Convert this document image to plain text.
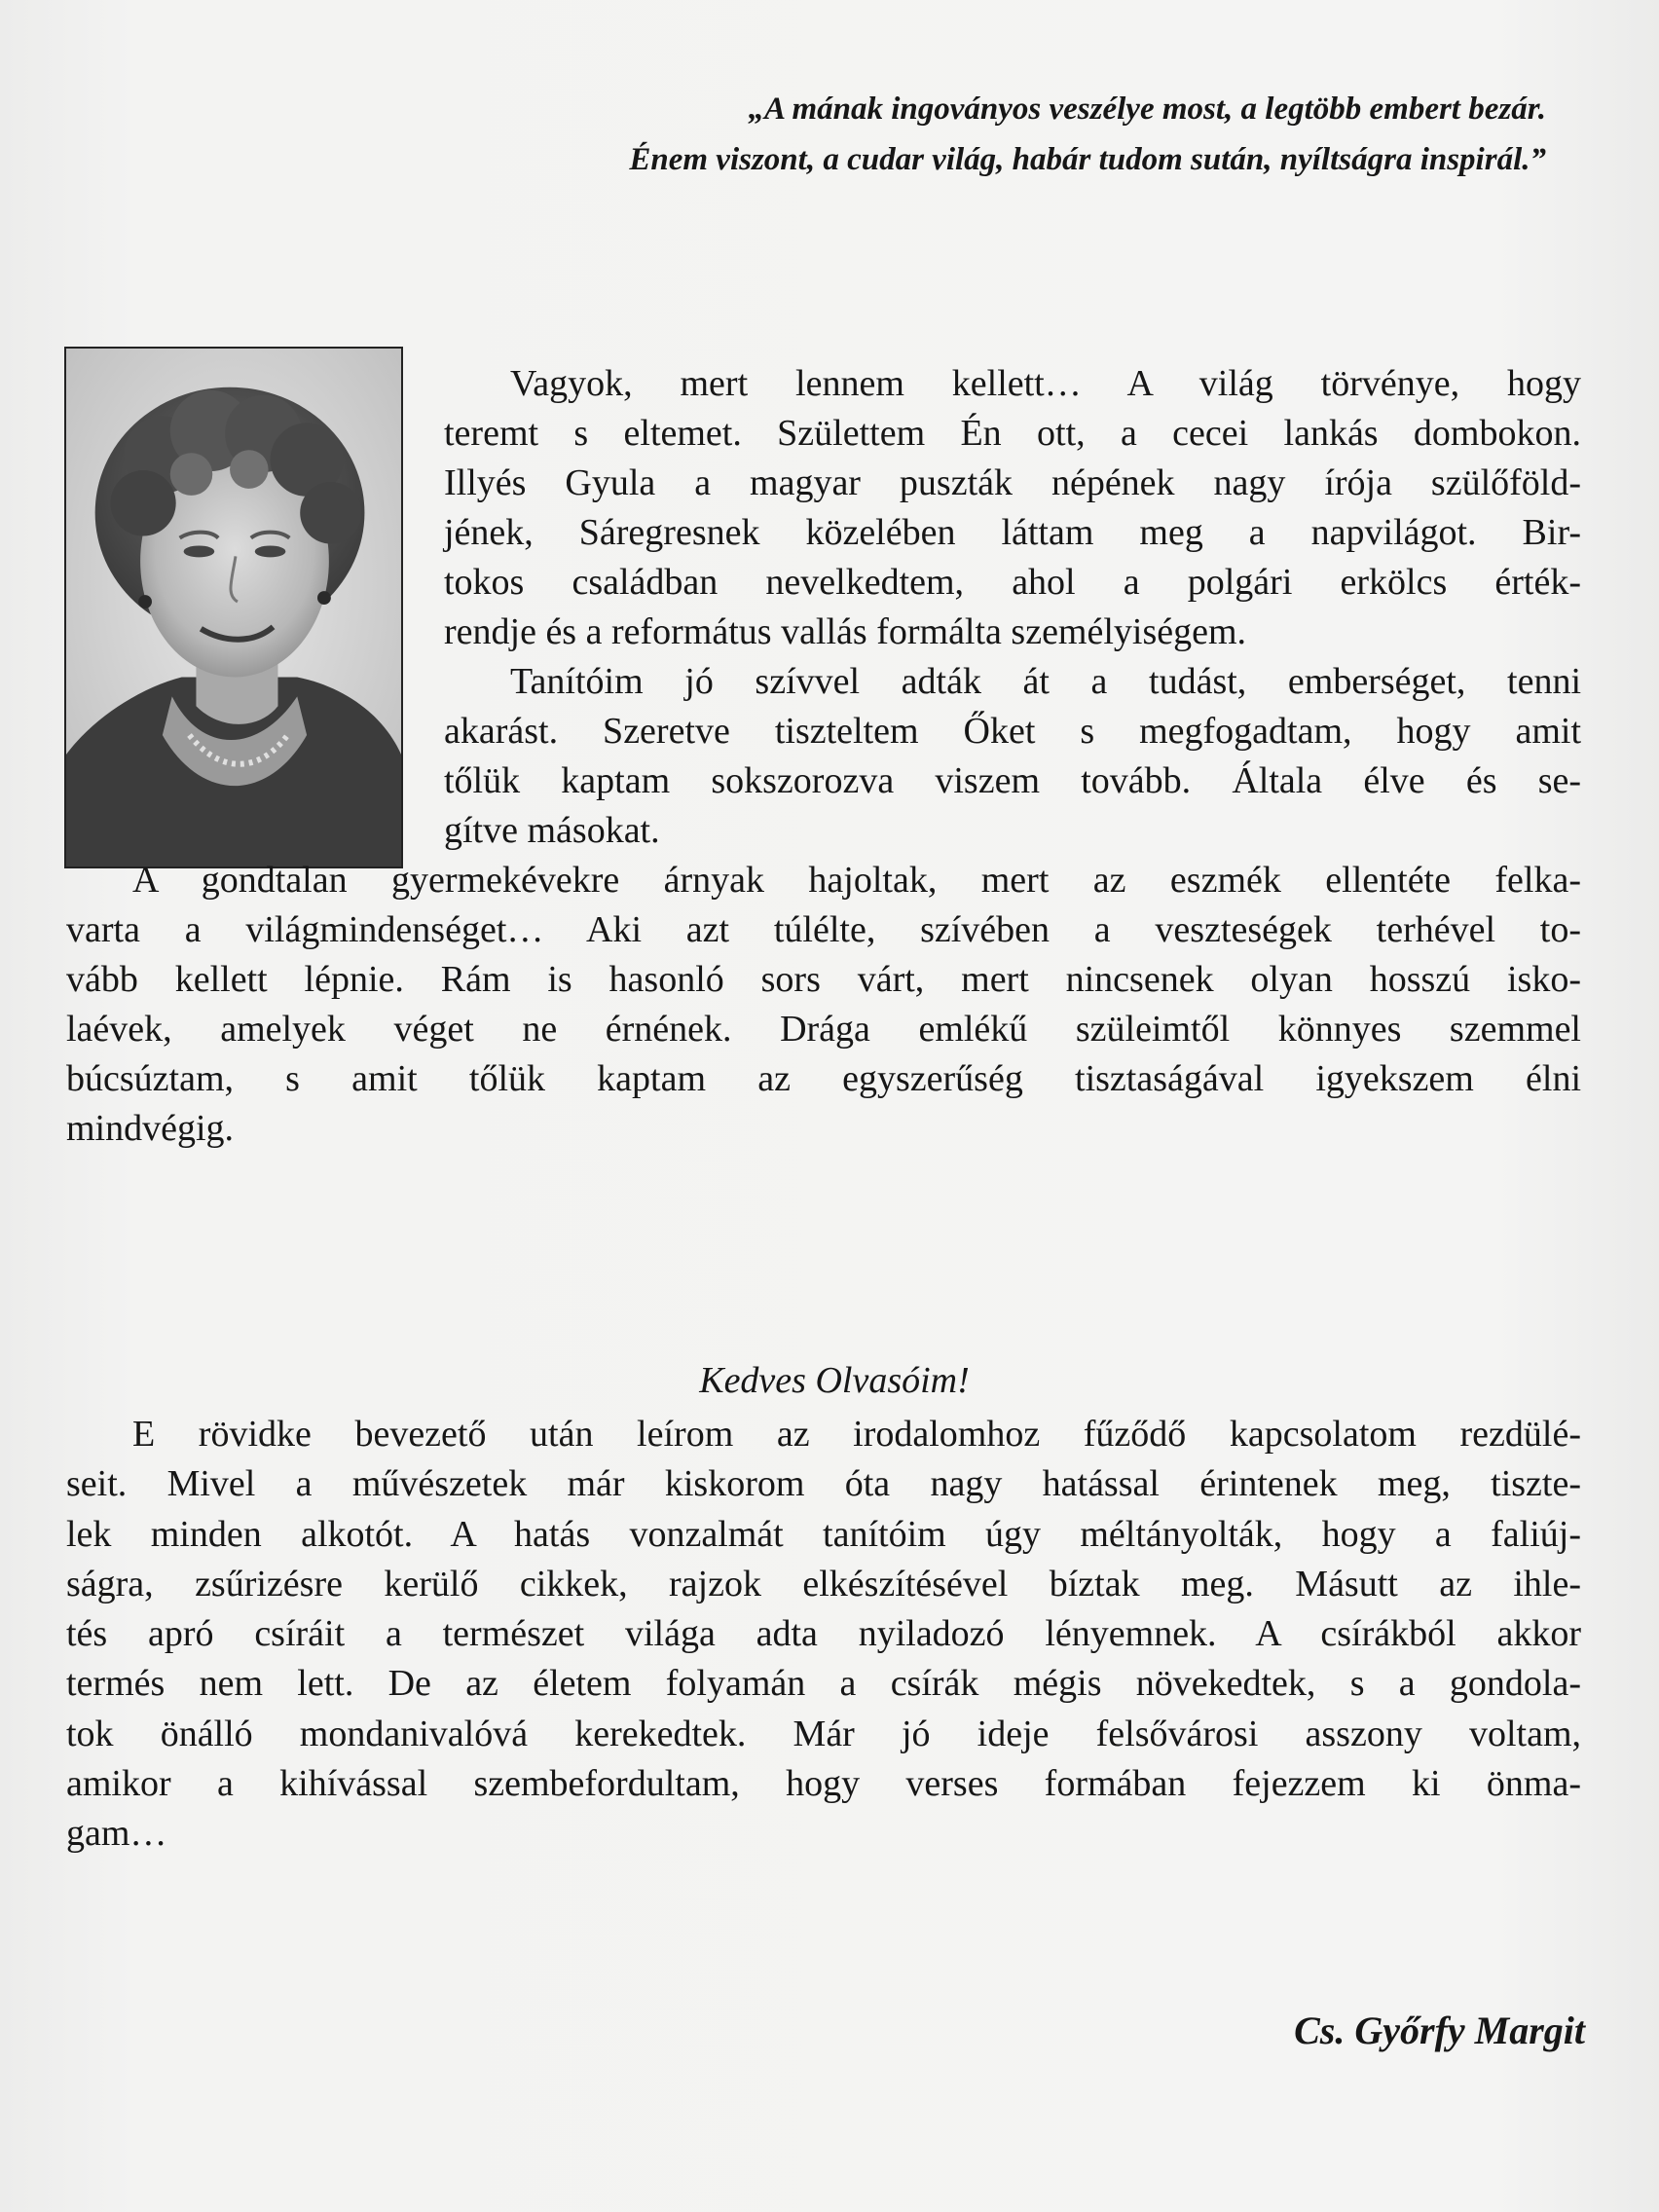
„A mának ingoványos veszélye most, a legtöbb embert bezár.
Énem viszont, a cudar világ, habár tudom sután, nyíltságra inspirál.”
Vagyok, mert lennem kellett… A világ törvénye, hogy
teremt s eltemet. Születtem Én ott, a cecei lankás dombokon.
Illyés Gyula a magyar puszták népének nagy írója szülőföld-
jének, Sáregresnek közelében láttam meg a napvilágot. Bir-
tokos családban nevelkedtem, ahol a polgári erkölcs érték-
rendje és a református vallás formálta személyiségem.
Tanítóim jó szívvel adták át a tudást, emberséget, tenni
akarást. Szeretve tiszteltem Őket s megfogadtam, hogy amit
tőlük kaptam sokszorozva viszem tovább. Általa élve és se-
gítve másokat.
A gondtalan gyermekévekre árnyak hajoltak, mert az eszmék ellentéte felka-
varta a világmindenséget… Aki azt túlélte, szívében a veszteségek terhével to-
vább kellett lépnie. Rám is hasonló sors várt, mert nincsenek olyan hosszú isko-
laévek, amelyek véget ne érnének. Drága emlékű szüleimtől könnyes szemmel
búcsúztam, s amit tőlük kaptam az egyszerűség tisztaságával igyekszem élni
mindvégig.
Kedves Olvasóim!
E rövidke bevezető után leírom az irodalomhoz fűződő kapcsolatom rezdülé-
seit. Mivel a művészetek már kiskorom óta nagy hatással érintenek meg, tiszte-
lek minden alkotót. A hatás vonzalmát tanítóim úgy méltányolták, hogy a faliúj-
ságra, zsűrizésre kerülő cikkek, rajzok elkészítésével bíztak meg. Másutt az ihle-
tés apró csíráit a természet világa adta nyiladozó lényemnek. A csírákból akkor
termés nem lett. De az életem folyamán a csírák mégis növekedtek, s a gondola-
tok önálló mondanivalóvá kerekedtek. Már jó ideje felsővárosi asszony voltam,
amikor a kihívással szembefordultam, hogy verses formában fejezzem ki önma-
gam…
Cs. Győrfy Margit
